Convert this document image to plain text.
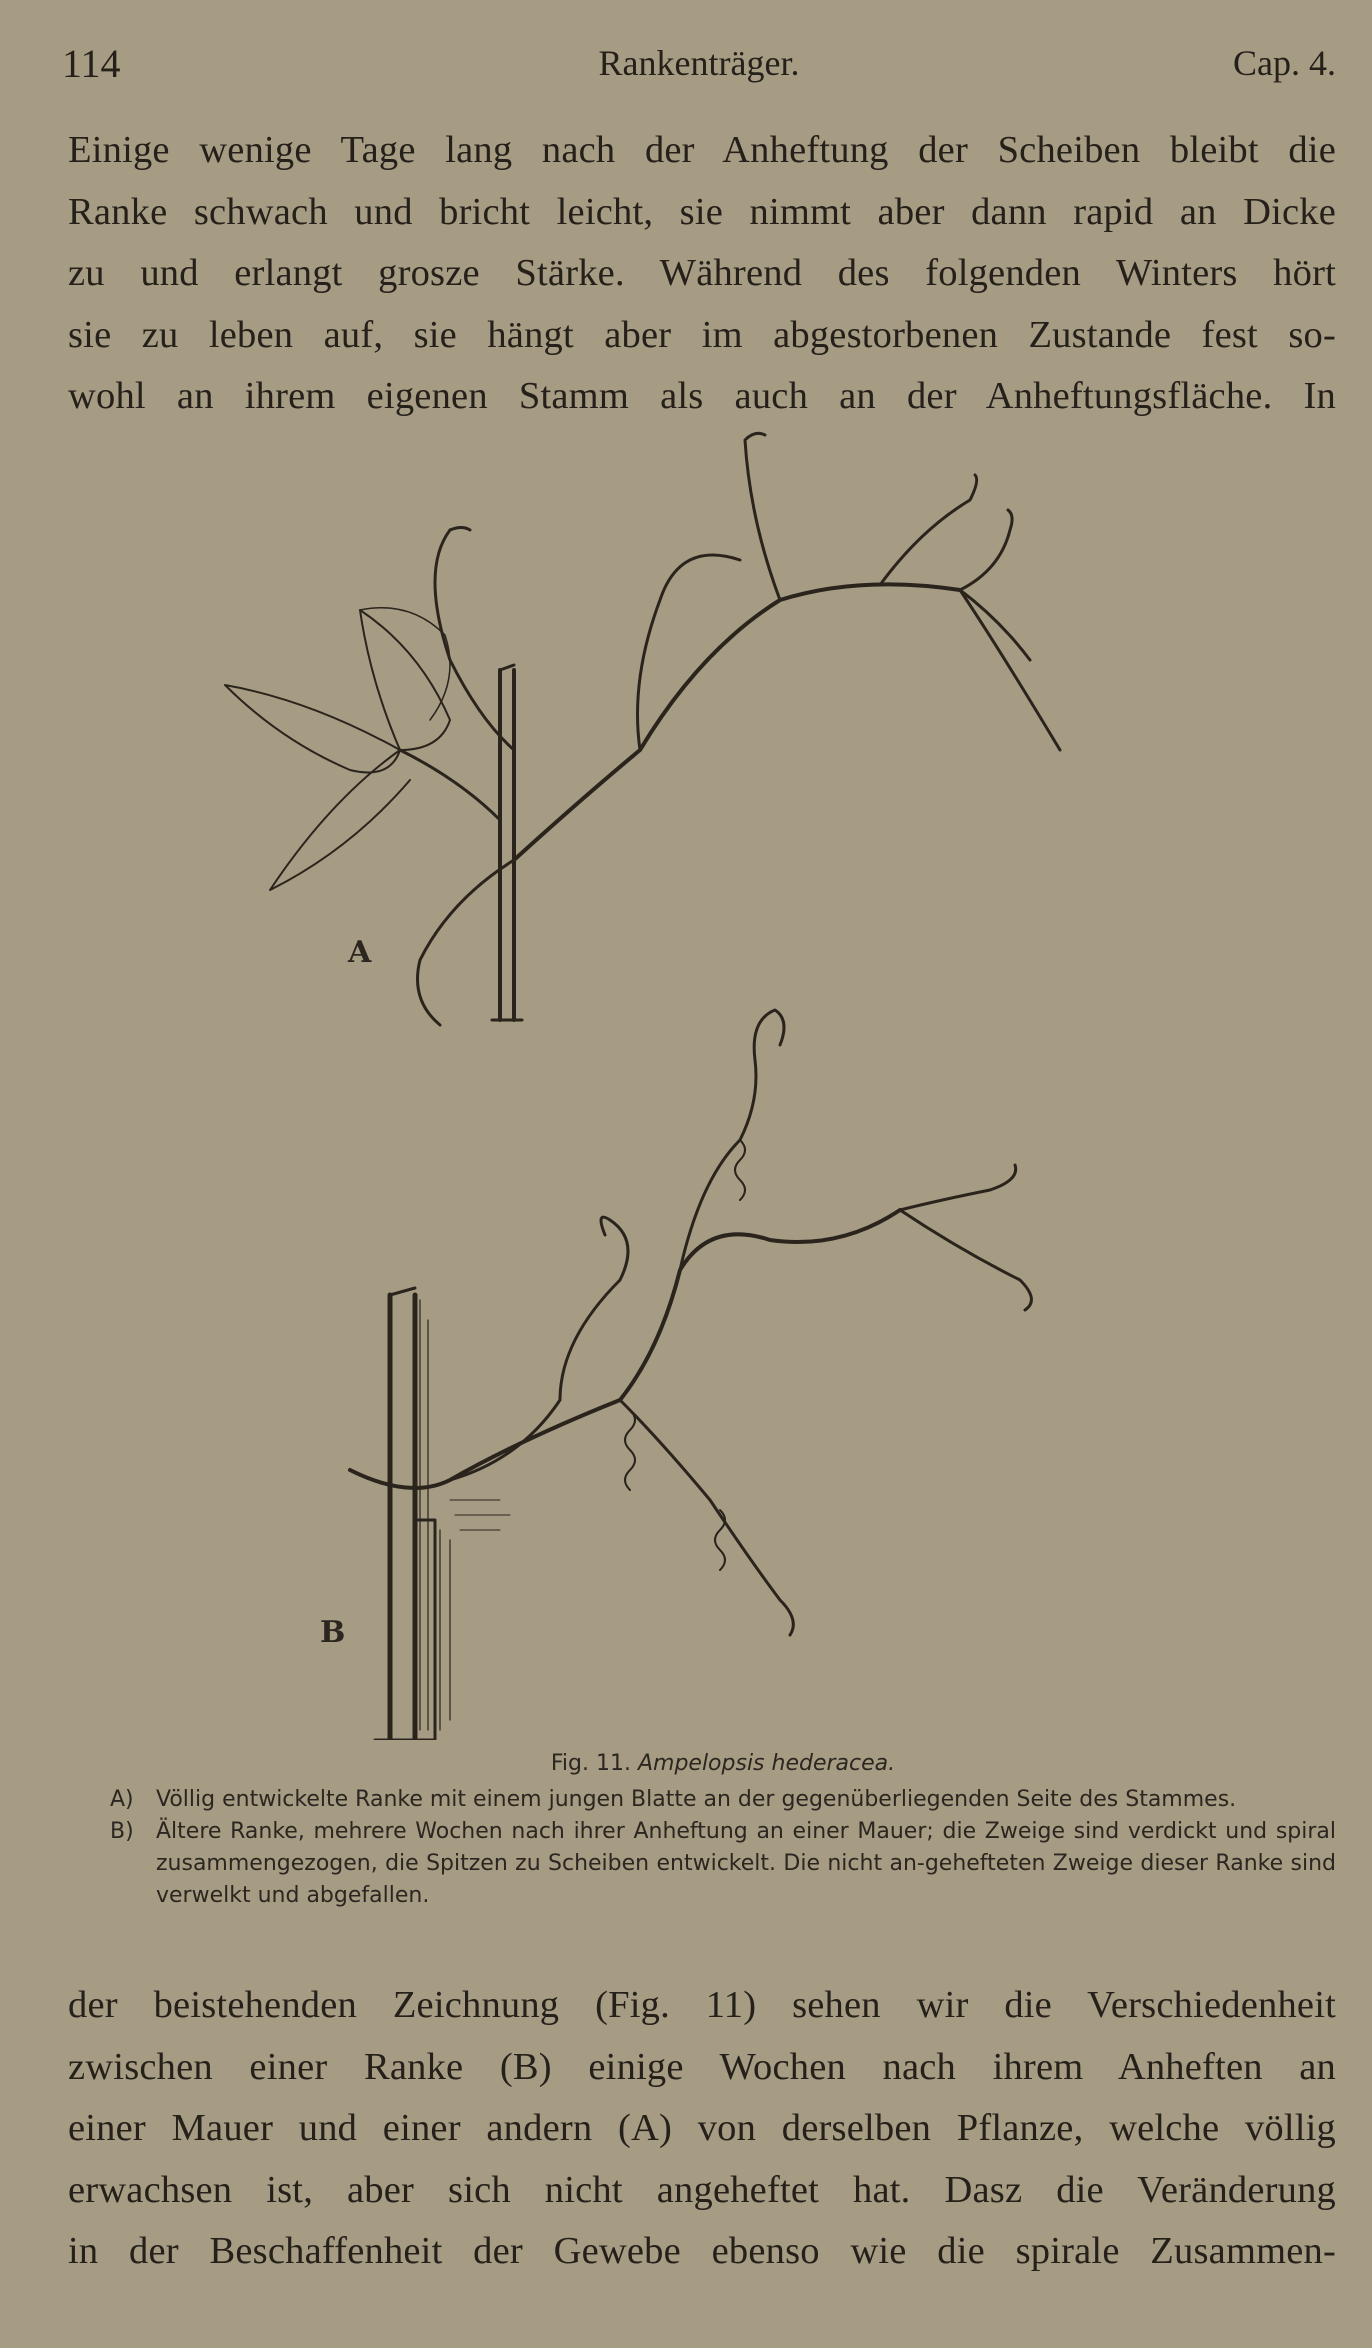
114	Rankenträger.	Cap. 4.
Einige wenige Tage lang nach der Anheftung der Scheiben bleibt die
Ranke schwach und bricht leicht, sie nimmt aber dann rapid an Dicke
zu und erlangt grosze Stärke. Während des folgenden Winters hört
sie zu leben auf, sie hängt aber im abgestorbenen Zustande fest so-
wohl an ihrem eigenen Stamm als auch an der Anheftungsfläche. In
A
B
Fig. 11. Ampelopsis hederacea.
A)	Völlig entwickelte Ranke mit einem jungen Blatte an der gegenüberliegenden Seite des Stammes.
B)	Ältere Ranke, mehrere Wochen nach ihrer Anheftung an einer Mauer; die Zweige sind verdickt und spiral zusammengezogen, die Spitzen zu Scheiben entwickelt. Die nicht an-gehefteten Zweige dieser Ranke sind verwelkt und abgefallen.
der beistehenden Zeichnung (Fig. 11) sehen wir die Verschiedenheit
zwischen einer Ranke (B) einige Wochen nach ihrem Anheften an
einer Mauer und einer andern (A) von derselben Pflanze, welche völlig
erwachsen ist, aber sich nicht angeheftet hat. Dasz die Veränderung
in der Beschaffenheit der Gewebe ebenso wie die spirale Zusammen-
